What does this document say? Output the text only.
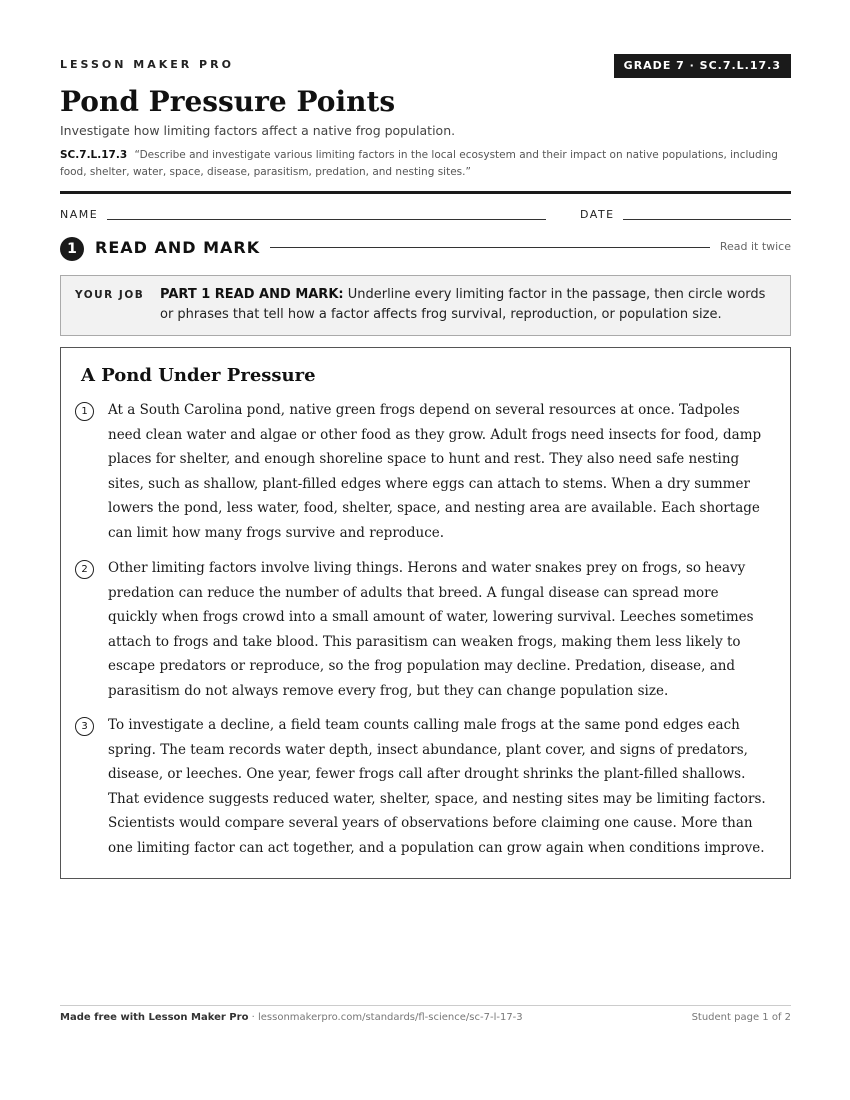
LESSON MAKER PRO	GRADE 7 · SC.7.L.17.3
Pond Pressure Points
Investigate how limiting factors affect a native frog population.
SC.7.L.17.3 “Describe and investigate various limiting factors in the local ecosystem and their impact on native populations, including food, shelter, water, space, disease, parasitism, predation, and nesting sites.”
NAME	DATE
1	READ AND MARK	Read it twice
YOUR JOB PART 1 READ AND MARK: Underline every limiting factor in the passage, then circle words or phrases that tell how a factor affects frog survival, reproduction, or population size.
A Pond Under Pressure
1	At a South Carolina pond, native green frogs depend on several resources at once. Tadpoles need clean water and algae or other food as they grow. Adult frogs need insects for food, damp places for shelter, and enough shoreline space to hunt and rest. They also need safe nesting sites, such as shallow, plant-filled edges where eggs can attach to stems. When a dry summer lowers the pond, less water, food, shelter, space, and nesting area are available. Each shortage can limit how many frogs survive and reproduce.
2	Other limiting factors involve living things. Herons and water snakes prey on frogs, so heavy predation can reduce the number of adults that breed. A fungal disease can spread more quickly when frogs crowd into a small amount of water, lowering survival. Leeches sometimes attach to frogs and take blood. This parasitism can weaken frogs, making them less likely to escape predators or reproduce, so the frog population may decline. Predation, disease, and parasitism do not always remove every frog, but they can change population size.
3	To investigate a decline, a field team counts calling male frogs at the same pond edges each spring. The team records water depth, insect abundance, plant cover, and signs of predators, disease, or leeches. One year, fewer frogs call after drought shrinks the plant-filled shallows. That evidence suggests reduced water, shelter, space, and nesting sites may be limiting factors. Scientists would compare several years of observations before claiming one cause. More than one limiting factor can act together, and a population can grow again when conditions improve.
Made free with Lesson Maker Pro · lessonmakerpro.com/standards/fl-science/sc-7-l-17-3	Student page 1 of 2
